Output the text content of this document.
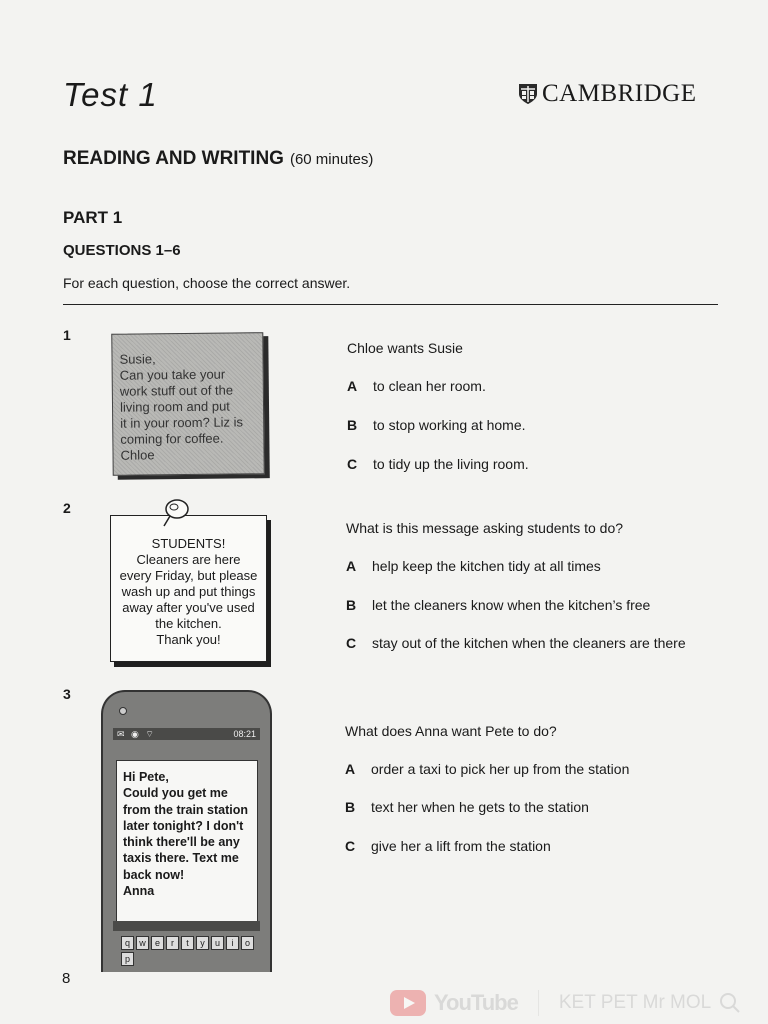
Test 1	CAMBRIDGE
READING AND WRITING (60 minutes)
PART 1
QUESTIONS 1–6
For each question, choose the correct answer.
1
Susie,
Can you take your
work stuff out of the
living room and put
it in your room? Liz is
coming for coffee.
Chloe
Chloe wants Susie
A	to clean her room.
B	to stop working at home.
C	to tidy up the living room.
2
STUDENTS!
Cleaners are here
every Friday, but please
wash up and put things
away after you've used
the kitchen.
Thank you!
What is this message asking students to do?
A	help keep the kitchen tidy at all times
B	let the cleaners know when the kitchen’s free
C	stay out of the kitchen when the cleaners are there
3
✉ ◉ ⌔	08:21
Hi Pete,
Could you get me
from the train station
later tonight? I don't
think there'll be any
taxis there. Text me
back now!
Anna
q	w	e	r	t	y	u	i	o
p
What does Anna want Pete to do?
A	order a taxi to pick her up from the station
B	text her when he gets to the station
C	give her a lift from the station
8
YouTube KET PET Mr MOL
